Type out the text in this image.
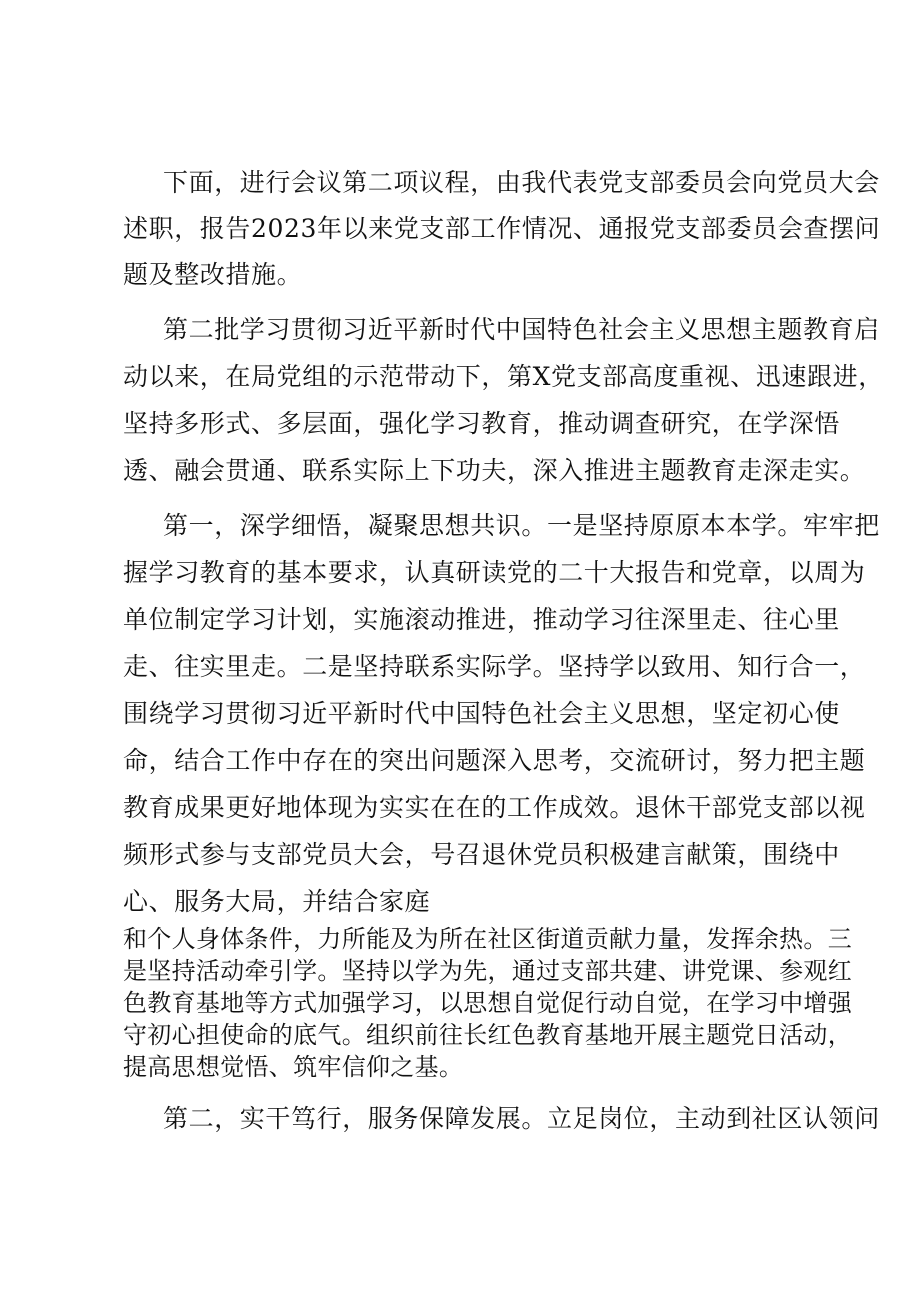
下面，进行会议第二项议程，由我代表党支部委员会向党员大会
述职，报告2023年以来党支部工作情况、通报党支部委员会查摆问
题及整改措施。
第二批学习贯彻习近平新时代中国特色社会主义思想主题教育启
动以来，在局党组的示范带动下，第X党支部高度重视、迅速跟进，
坚持多形式、多层面，强化学习教育，推动调查研究，在学深悟
透、融会贯通、联系实际上下功夫，深入推进主题教育走深走实。
第一，深学细悟，凝聚思想共识。一是坚持原原本本学。牢牢把
握学习教育的基本要求，认真研读党的二十大报告和党章，以周为
单位制定学习计划，实施滚动推进，推动学习往深里走、往心里
走、往实里走。二是坚持联系实际学。坚持学以致用、知行合一，
围绕学习贯彻习近平新时代中国特色社会主义思想，坚定初心使
命，结合工作中存在的突出问题深入思考，交流研讨，努力把主题
教育成果更好地体现为实实在在的工作成效。退休干部党支部以视
频形式参与支部党员大会，号召退休党员积极建言献策，围绕中
心、服务大局，并结合家庭
和个人身体条件，力所能及为所在社区街道贡献力量，发挥余热。三
是坚持活动牵引学。坚持以学为先，通过支部共建、讲党课、参观红
色教育基地等方式加强学习，以思想自觉促行动自觉，在学习中增强
守初心担使命的底气。组织前往长红色教育基地开展主题党日活动，
提高思想觉悟、筑牢信仰之基。
第二，实干笃行，服务保障发展。立足岗位，主动到社区认领问
